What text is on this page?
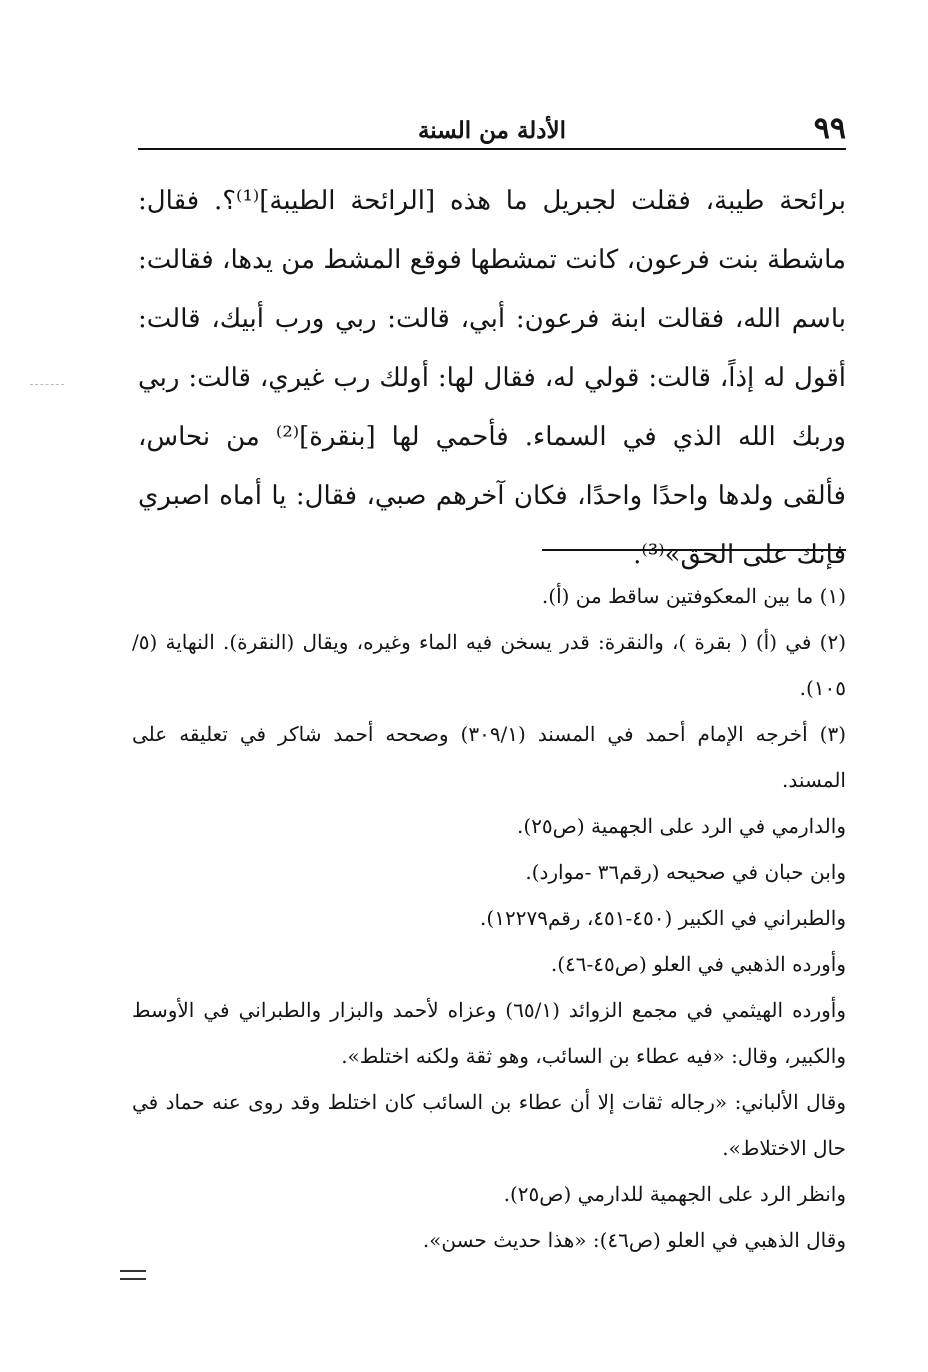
٩٩
الأدلة من السنة

برائحة طيبة، فقلت لجبريل ما هذه [الرائحة الطيبة]⁽¹⁾؟. فقال: ماشطة بنت فرعون، كانت تمشطها فوقع المشط من يدها، فقالت: باسم الله، فقالت ابنة فرعون: أبي، قالت: ربي ورب أبيك، قالت: أقول له إذاً، قالت: قولي له، فقال لها: أولك رب غيري، قالت: ربي وربك الله الذي في السماء. فأحمي لها [بنقرة]⁽²⁾ من نحاس، فألقى ولدها واحدًا واحدًا، فكان آخرهم صبي، فقال: يا أماه اصبري فإنك على الحق»⁽³⁾.

(١) ما بين المعكوفتين ساقط من (أ).

(٢) في (أ) ( بقرة )، والنقرة: قدر يسخن فيه الماء وغيره، ويقال (النقرة). النهاية (٥/ ١٠٥).

(٣) أخرجه الإمام أحمد في المسند (٣٠٩/١) وصححه أحمد شاكر في تعليقه على المسند.

والدارمي في الرد على الجهمية (ص٢٥).

وابن حبان في صحيحه (رقم٣٦ -موارد).

والطبراني في الكبير (٤٥٠-٤٥١، رقم١٢٢٧٩).

وأورده الذهبي في العلو (ص٤٥-٤٦).

وأورده الهيثمي في مجمع الزوائد (٦٥/١) وعزاه لأحمد والبزار والطبراني في الأوسط والكبير، وقال: «فيه عطاء بن السائب، وهو ثقة ولكنه اختلط».

وقال الألباني: «رجاله ثقات إلا أن عطاء بن السائب كان اختلط وقد روى عنه حماد في حال الاختلاط».

وانظر الرد على الجهمية للدارمي (ص٢٥).

وقال الذهبي في العلو (ص٤٦): «هذا حديث حسن».
